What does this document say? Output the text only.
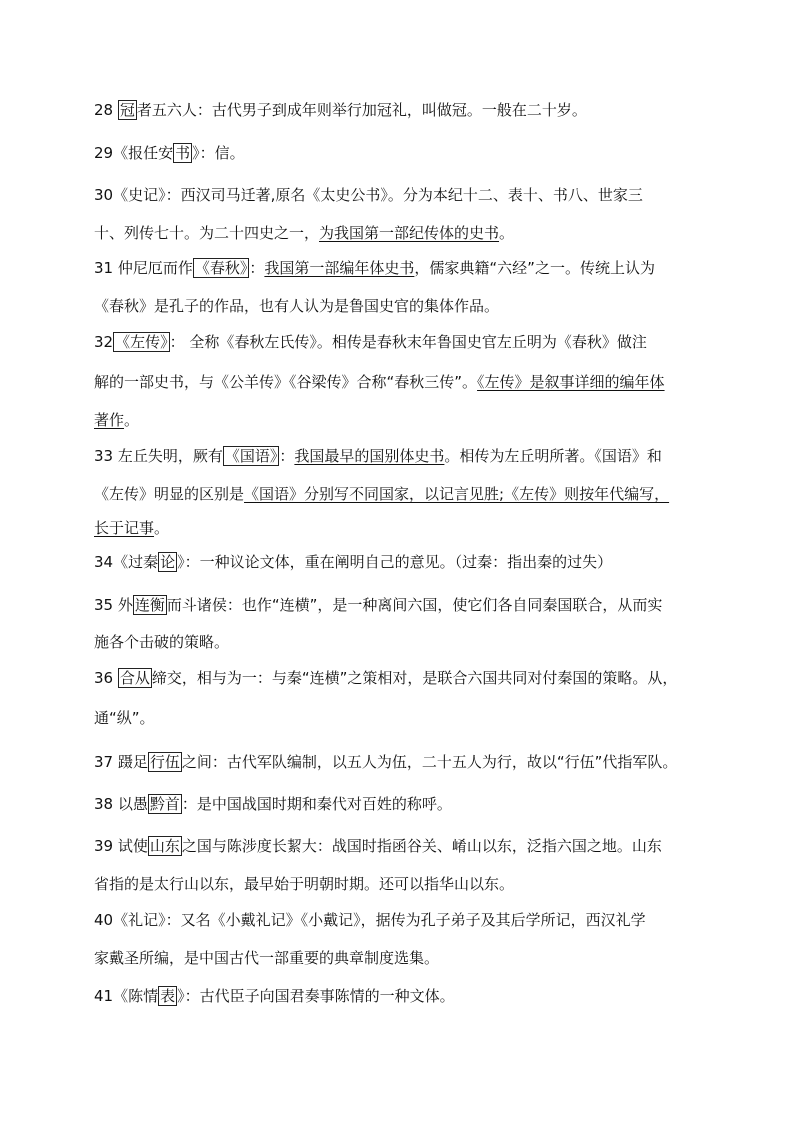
28 冠 者五六人：古代男子到成年则举行加冠礼，叫做冠。一般在二十岁。
29《报任安 书 》：信。
30《史记》：西汉司马迁著,原名《太史公书》。分为本纪十二、表十、书八、世家三
十、列传七十。为二十四史之一，为我国第一部纪传体的史书。
31 仲尼厄而作 《春秋》 ：我国第一部编年体史书，儒家典籍“六经”之一。传统上认为
《春秋》是孔子的作品，也有人认为是鲁国史官的集体作品。
32 《左传》 ： 全称《春秋左氏传》。相传是春秋末年鲁国史官左丘明为《春秋》做注
解的一部史书，与《公羊传》《谷梁传》合称“春秋三传”。《左传》是叙事详细的编年体
著作。
33 左丘失明，厥有 《国语》 ：我国最早的国别体史书。相传为左丘明所著。《国语》和
《左传》明显的区别是《国语》分别写不同国家，以记言见胜;《左传》则按年代编写，
长于记事。
34《过秦 论 》：一种议论文体，重在阐明自己的意见。（过秦：指出秦的过失）
35 外 连衡 而斗诸侯：也作“连横”，是一种离间六国，使它们各自同秦国联合，从而实
施各个击破的策略。
36 合从 缔交，相与为一：与秦“连横”之策相对，是联合六国共同对付秦国的策略。从，
通“纵”。
37 蹑足 行伍 之间：古代军队编制，以五人为伍，二十五人为行，故以“行伍”代指军队。
38 以愚 黔首 ：是中国战国时期和秦代对百姓的称呼。
39 试使 山东 之国与陈涉度长絜大：战国时指函谷关、崤山以东，泛指六国之地。山东
省指的是太行山以东，最早始于明朝时期。还可以指华山以东。
40《礼记》：又名《小戴礼记》《小戴记》，据传为孔子弟子及其后学所记，西汉礼学
家戴圣所编，是中国古代一部重要的典章制度选集。
41《陈情 表 》：古代臣子向国君奏事陈情的一种文体。
